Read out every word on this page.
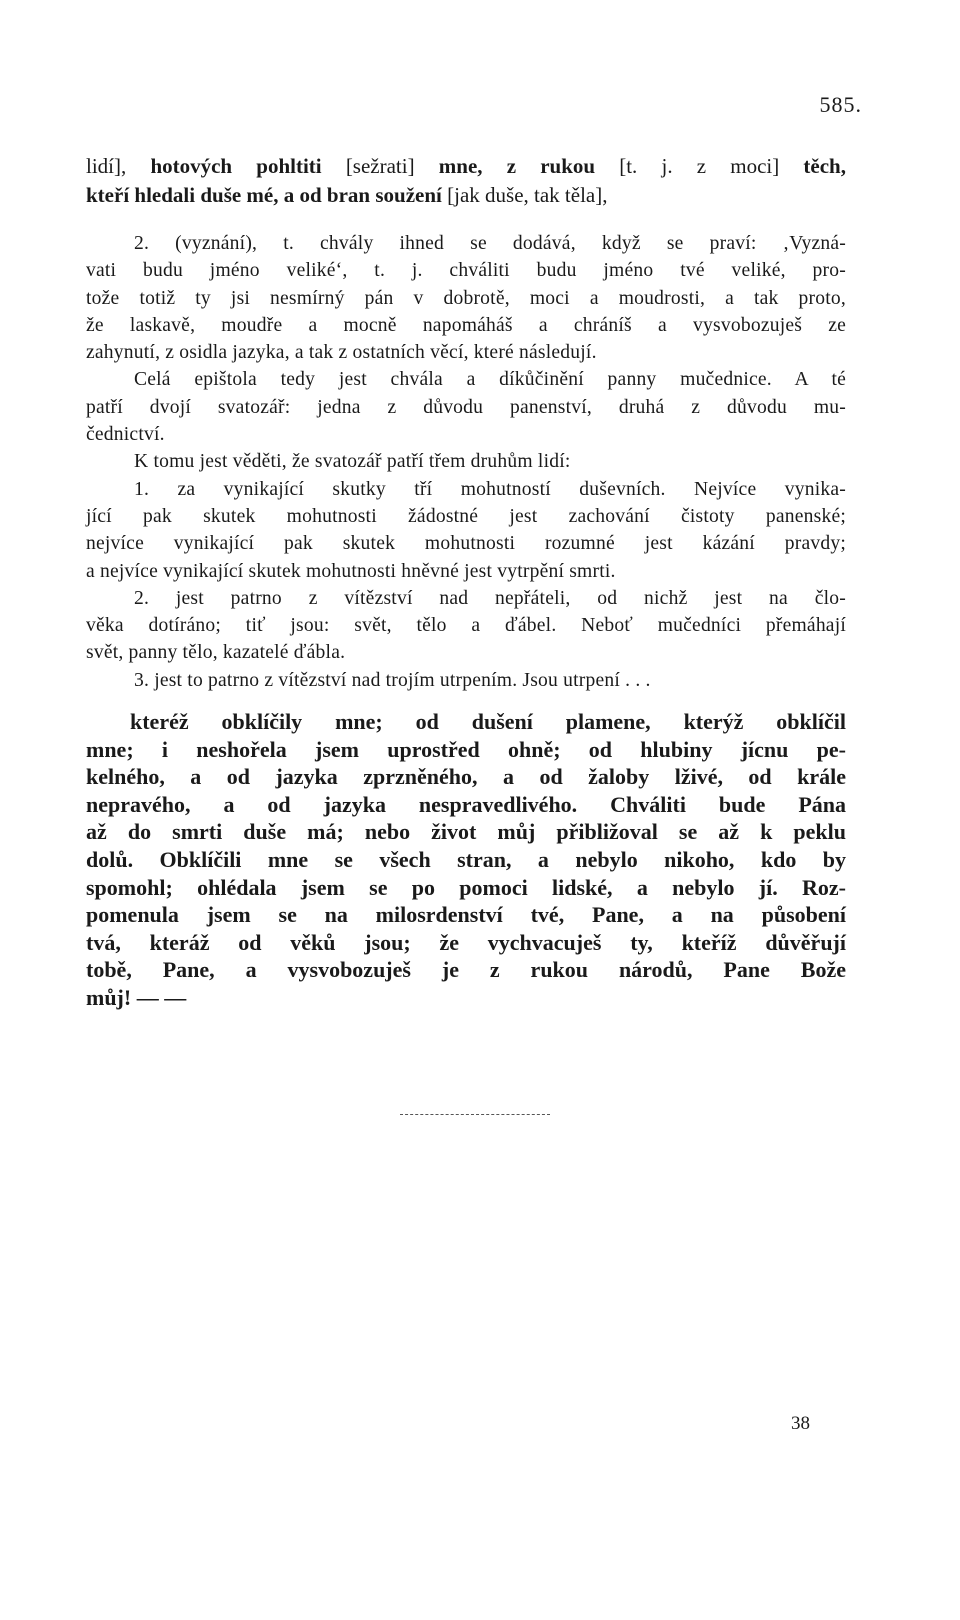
585.
lidí], hotových pohltiti [sežrati] mne, z rukou [t. j. z moci] těch,
kteří hledali duše mé, a od bran soužení [jak duše, tak těla],
2. (vyznání), t. chvály ihned se dodává, když se praví: ‚Vyzná-
vati budu jméno veliké‘, t. j. chváliti budu jméno tvé veliké, pro-
tože totiž ty jsi nesmírný pán v dobrotě, moci a moudrosti, a tak proto,
že laskavě, moudře a mocně napomáháš a chráníš a vysvobozuješ ze
zahynutí, z osidla jazyka, a tak z ostatních věcí, které následují.
Celá epištola tedy jest chvála a díkůčinění panny mučednice. A té
patří dvojí svatozář: jedna z důvodu panenství, druhá z důvodu mu-
čednictví.
K tomu jest věděti, že svatozář patří třem druhům lidí:
1. za vynikající skutky tří mohutností duševních. Nejvíce vynika-
jící pak skutek mohutnosti žádostné jest zachování čistoty panenské;
nejvíce vynikající pak skutek mohutnosti rozumné jest kázání pravdy;
a nejvíce vynikající skutek mohutnosti hněvné jest vytrpění smrti.
2. jest patrno z vítězství nad nepřáteli, od nichž jest na člo-
věka dotíráno; tiť jsou: svět, tělo a ďábel. Neboť mučedníci přemáhají
svět, panny tělo, kazatelé ďábla.
3. jest to patrno z vítězství nad trojím utrpením. Jsou utrpení . . .
kteréž obklíčily mne; od dušení plamene, kterýž obklíčil
mne; i neshořela jsem uprostřed ohně; od hlubiny jícnu pe-
kelného, a od jazyka zprzněného, a od žaloby lživé, od krále
nepravého, a od jazyka nespravedlivého. Chváliti bude Pána
až do smrti duše má; nebo život můj přibližoval se až k peklu
dolů. Obklíčili mne se všech stran, a nebylo nikoho, kdo by
spomohl; ohlédala jsem se po pomoci lidské, a nebylo jí. Roz-
pomenula jsem se na milosrdenství tvé, Pane, a na působení
tvá, kteráž od věků jsou; že vychvacuješ ty, kteříž důvěřují
tobě, Pane, a vysvobozuješ je z rukou národů, Pane Bože
můj! — —
38
